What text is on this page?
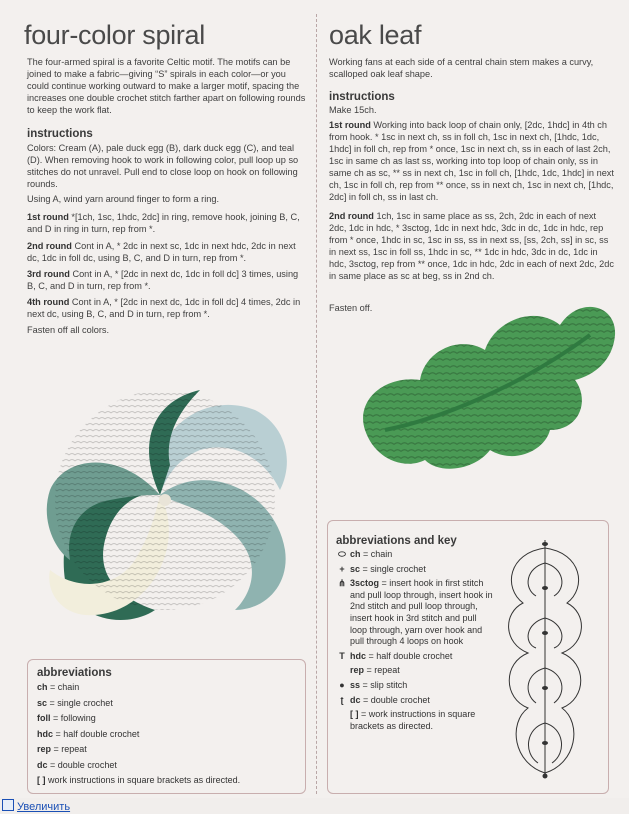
four-color spiral
The four-armed spiral is a favorite Celtic motif. The motifs can be joined to make a fabric—giving “S” spirals in each color—or you could continue working outward to make a larger motif, spacing the increases one double crochet stitch farther apart on following rounds to keep the work flat.
instructions
Colors: Cream (A), pale duck egg (B), dark duck egg (C), and teal (D). When removing hook to work in following color, pull loop up so stitches do not unravel. Pull end to close loop on hook on following rounds.
Using A, wind yarn around finger to form a ring.
1st round *[1ch, 1sc, 1hdc, 2dc] in ring, remove hook, joining B, C, and D in ring in turn, rep from *.
2nd round Cont in A, * 2dc in next sc, 1dc in next hdc, 2dc in next dc, 1dc in foll dc, using B, C, and D in turn, rep from *.
3rd round Cont in A, * [2dc in next dc, 1dc in foll dc] 3 times, using B, C, and D in turn, rep from *.
4th round Cont in A, * [2dc in next dc, 1dc in foll dc] 4 times, 2dc in next dc, using B, C, and D in turn, rep from *.
Fasten off all colors.
abbreviations
ch = chain
sc = single crochet
foll = following
hdc = half double crochet
rep = repeat
dc = double crochet
[ ] work instructions in square brackets as directed.
oak leaf
Working fans at each side of a central chain stem makes a curvy, scalloped oak leaf shape.
instructions
Make 15ch.
1st round Working into back loop of chain only, [2dc, 1hdc] in 4th ch from hook. * 1sc in next ch, ss in foll ch, 1sc in next ch, [1hdc, 1dc, 1hdc] in foll ch, rep from * once, 1sc in next ch, ss in each of last 2ch, 1sc in same ch as last ss, working into top loop of chain only, ss in same ch as sc, ** ss in next ch, 1sc in foll ch, [1hdc, 1dc, 1hdc] in next ch, 1sc in foll ch, rep from ** once, ss in next ch, 1sc in next ch, [1hdc, 2dc] in foll ch, ss in last ch.
2nd round 1ch, 1sc in same place as ss, 2ch, 2dc in each of next 2dc, 1dc in hdc, * 3sctog, 1dc in next hdc, 3dc in dc, 1dc in hdc, rep from * once, 1hdc in sc, 1sc in ss, ss in next ss, [ss, 2ch, ss] in sc, ss in next ss, 1sc in foll ss, 1hdc in sc, ** 1dc in hdc, 3dc in dc, 1dc in hdc, 3sctog, rep from ** once, 1dc in hdc, 2dc in each of next 2dc, 2dc in same place as sc at beg, ss in 2nd ch.
Fasten off.
abbreviations and key
⬭ ch = chain
+ sc = single crochet
⋔ 3sctog = insert hook in first stitch and pull loop through, insert hook in 2nd stitch and pull loop through, insert hook in 3rd stitch and pull loop through, yarn over hook and pull through 4 loops on hook
T hdc = half double crochet
rep = repeat
● ss = slip stitch
ʈ dc = double crochet
[ ] = work instructions in square brackets as directed.
Увеличить
